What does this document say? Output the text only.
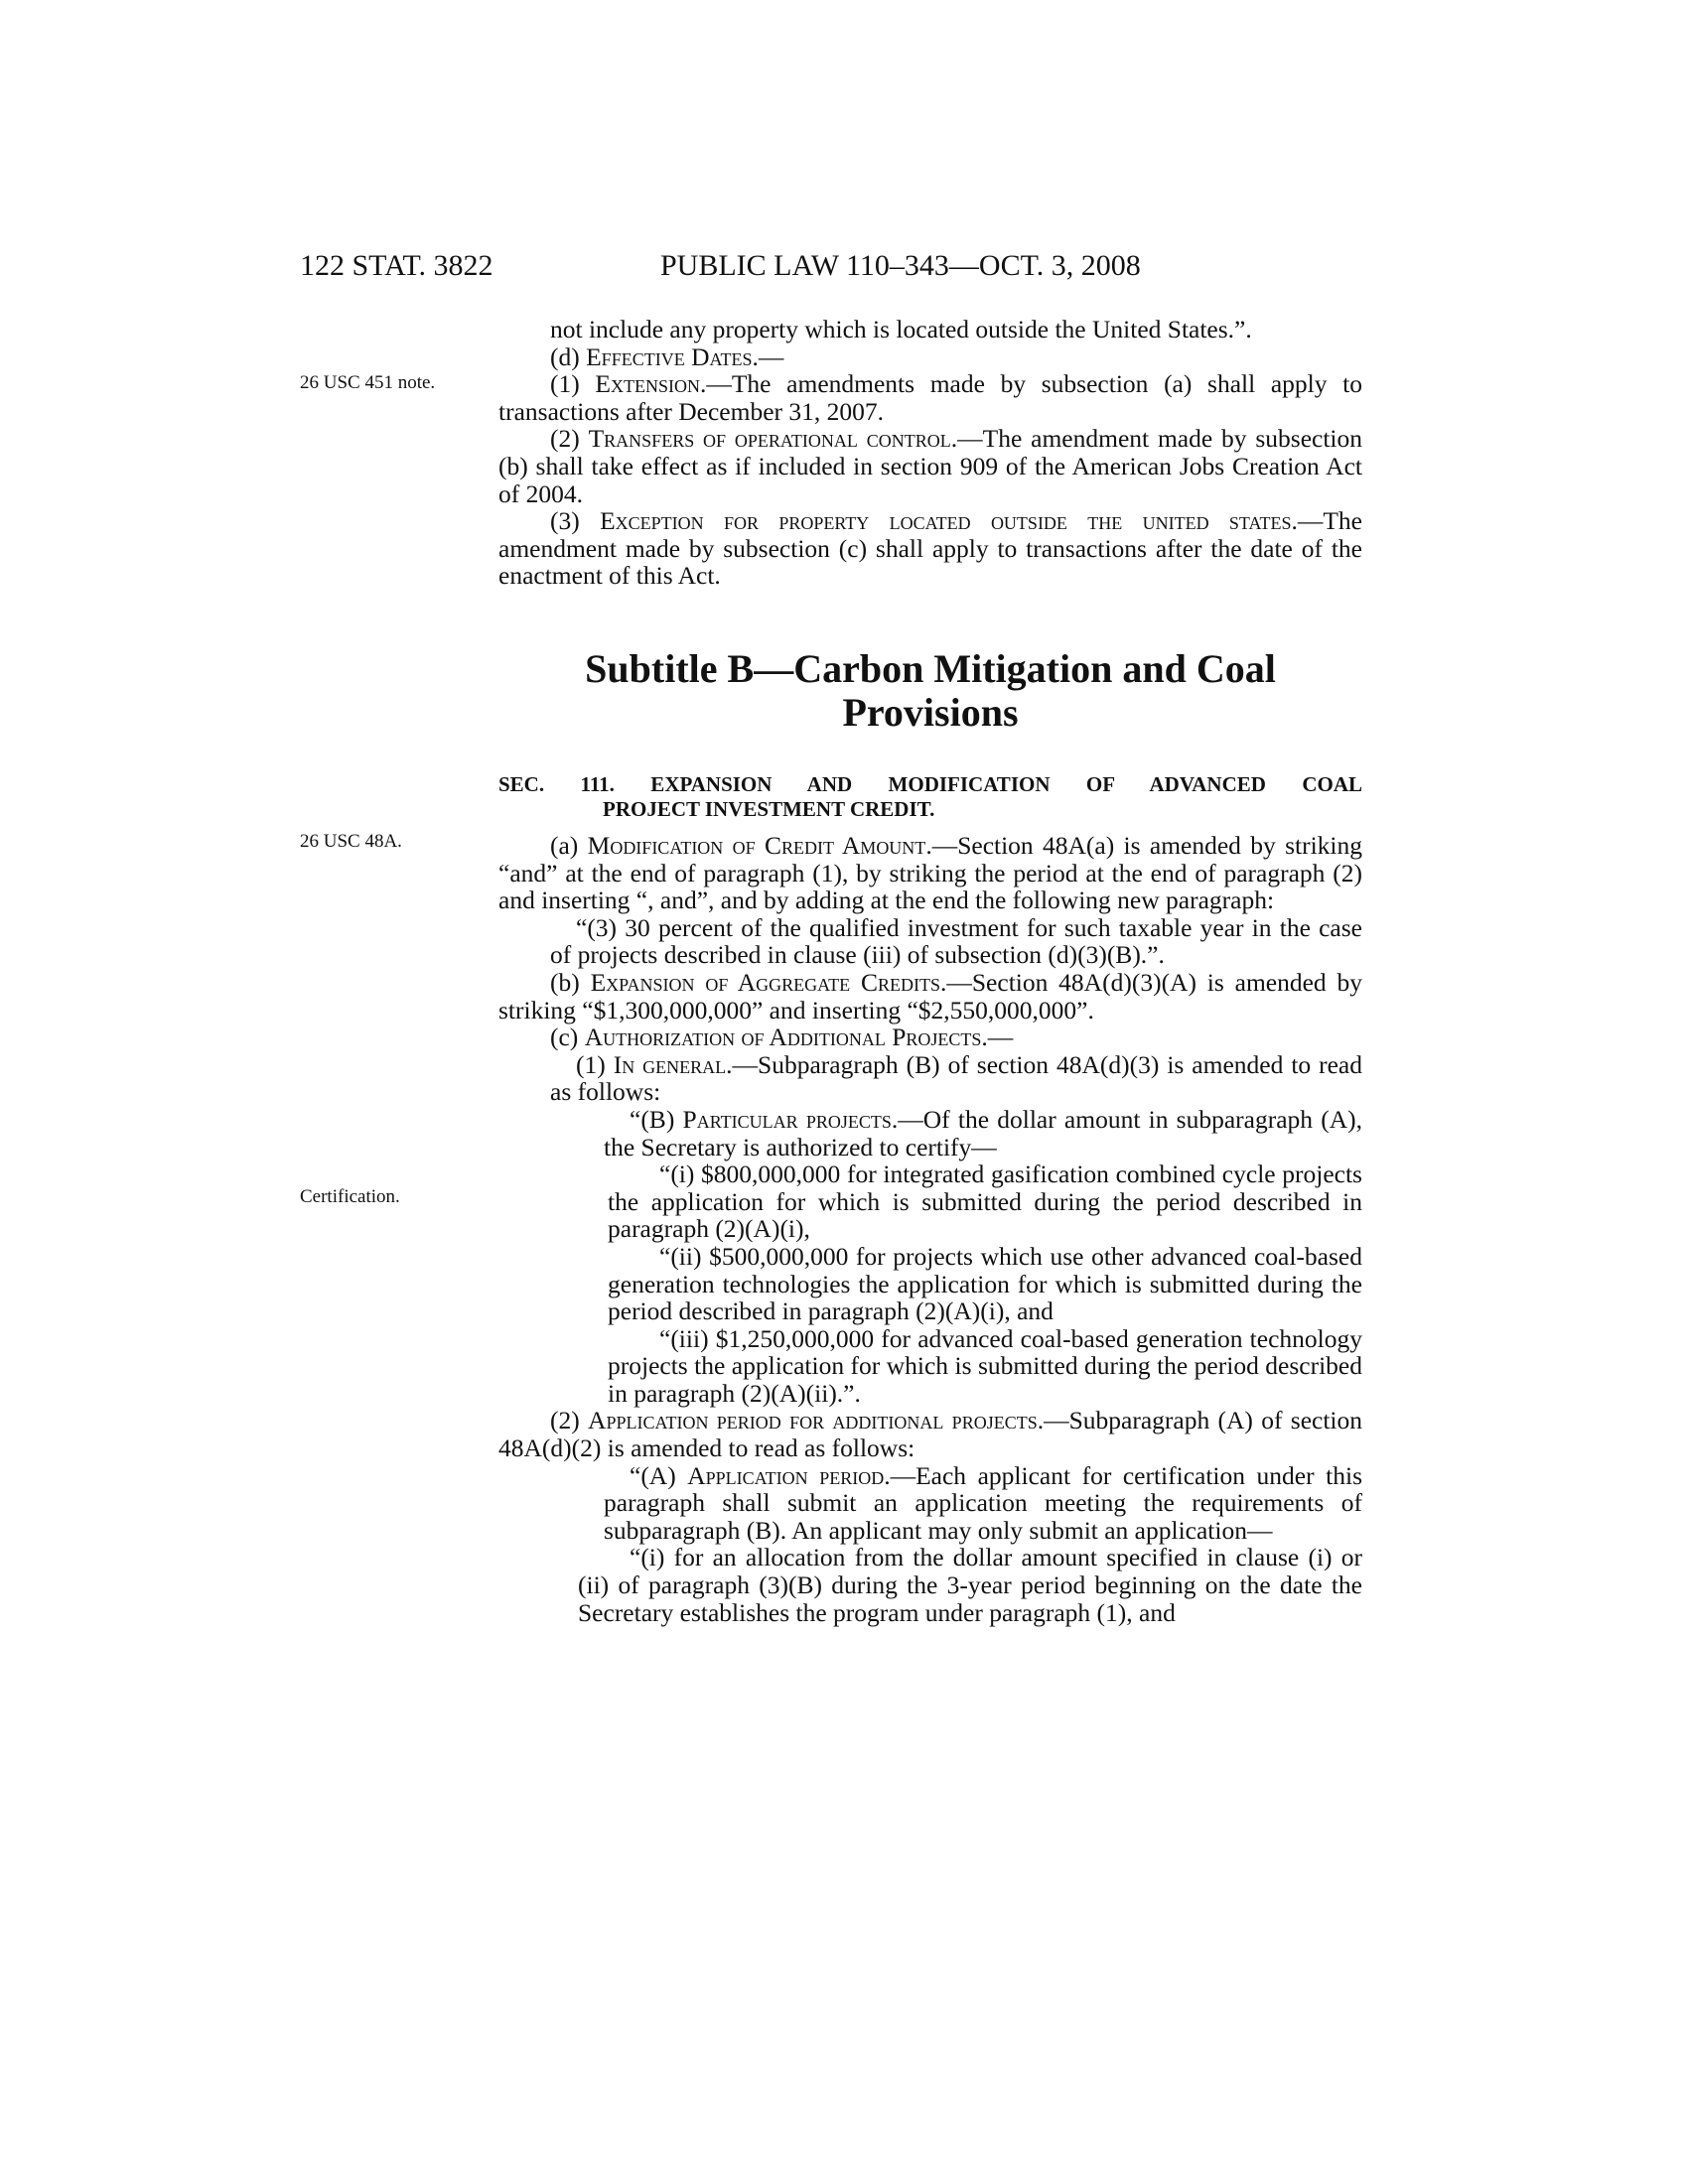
122 STAT. 3822	PUBLIC LAW 110–343—OCT. 3, 2008
26 USC 451 note.
26 USC 48A.
Certification.

not include any property which is located outside the United States.”.

(d) Effective Dates.—

(1) Extension.—The amendments made by subsection (a) shall apply to transactions after December 31, 2007.

(2) Transfers of operational control.—The amendment made by subsection (b) shall take effect as if included in section 909 of the American Jobs Creation Act of 2004.

(3) Exception for property located outside the united states.—The amendment made by subsection (c) shall apply to transactions after the date of the enactment of this Act.

Subtitle B—Carbon Mitigation and Coal
Provisions
SEC. 111. EXPANSION AND MODIFICATION OF ADVANCED COAL
PROJECT INVESTMENT CREDIT.

(a) Modification of Credit Amount.—Section 48A(a) is amended by striking “and” at the end of paragraph (1), by striking the period at the end of paragraph (2) and inserting “, and”, and by adding at the end the following new paragraph:

“(3) 30 percent of the qualified investment for such taxable year in the case of projects described in clause (iii) of subsection (d)(3)(B).”.

(b) Expansion of Aggregate Credits.—Section 48A(d)(3)(A) is amended by striking “$1,300,000,000” and inserting “$2,550,000,000”.

(c) Authorization of Additional Projects.—

(1) In general.—Subparagraph (B) of section 48A(d)(3) is amended to read as follows:

“(B) Particular projects.—Of the dollar amount in subparagraph (A), the Secretary is authorized to certify—

“(i) $800,000,000 for integrated gasification combined cycle projects the application for which is submitted during the period described in paragraph (2)(A)(i),

“(ii) $500,000,000 for projects which use other advanced coal-based generation technologies the application for which is submitted during the period described in paragraph (2)(A)(i), and

“(iii) $1,250,000,000 for advanced coal-based generation technology projects the application for which is submitted during the period described in paragraph (2)(A)(ii).”.

(2) Application period for additional projects.—Subparagraph (A) of section 48A(d)(2) is amended to read as follows:

“(A) Application period.—Each applicant for certification under this paragraph shall submit an application meeting the requirements of subparagraph (B). An applicant may only submit an application—

“(i) for an allocation from the dollar amount specified in clause (i) or (ii) of paragraph (3)(B) during the 3-year period beginning on the date the Secretary establishes the program under paragraph (1), and
